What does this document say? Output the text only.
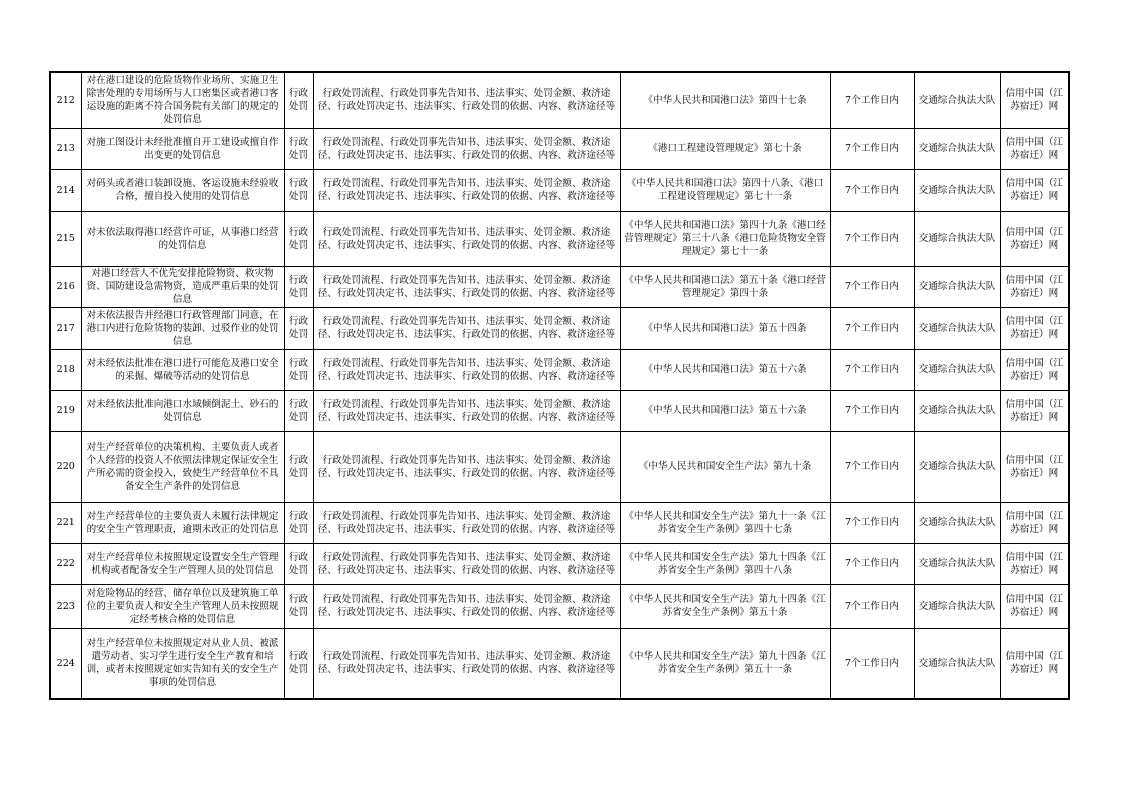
212	对在港口建设的危险货物作业场所、实施卫生除害处理的专用场所与人口密集区或者港口客运设施的距离不符合国务院有关部门的规定的处罚信息	行政处罚	行政处罚流程、行政处罚事先告知书、违法事实、处罚金额、救济途径、行政处罚决定书、违法事实、行政处罚的依据、内容、救济途径等	《中华人民共和国港口法》第四十七条	7个工作日内	交通综合执法大队	信用中国（江苏宿迁）网
213	对施工图设计未经批准擅自开工建设或擅自作出变更的处罚信息	行政处罚	行政处罚流程、行政处罚事先告知书、违法事实、处罚金额、救济途径、行政处罚决定书、违法事实、行政处罚的依据、内容、救济途径等	《港口工程建设管理规定》第七十条	7个工作日内	交通综合执法大队	信用中国（江苏宿迁）网
214	对码头或者港口装卸设施、客运设施未经验收合格，擅自投入使用的处罚信息	行政处罚	行政处罚流程、行政处罚事先告知书、违法事实、处罚金额、救济途径、行政处罚决定书、违法事实、行政处罚的依据、内容、救济途径等	《中华人民共和国港口法》第四十八条、《港口工程建设管理规定》第七十一条	7个工作日内	交通综合执法大队	信用中国（江苏宿迁）网
215	对未依法取得港口经营许可证，从事港口经营的处罚信息	行政处罚	行政处罚流程、行政处罚事先告知书、违法事实、处罚金额、救济途径、行政处罚决定书、违法事实、行政处罚的依据、内容、救济途径等	《中华人民共和国港口法》第四十九条《港口经营管理规定》第三十八条《港口危险货物安全管理规定》第七十一条	7个工作日内	交通综合执法大队	信用中国（江苏宿迁）网
216	对港口经营人不优先安排抢险物资、救灾物资、国防建设急需物资，造成严重后果的处罚信息	行政处罚	行政处罚流程、行政处罚事先告知书、违法事实、处罚金额、救济途径、行政处罚决定书、违法事实、行政处罚的依据、内容、救济途径等	《中华人民共和国港口法》第五十条《港口经营管理规定》第四十条	7个工作日内	交通综合执法大队	信用中国（江苏宿迁）网
217	对未依法报告并经港口行政管理部门同意，在港口内进行危险货物的装卸、过驳作业的处罚信息	行政处罚	行政处罚流程、行政处罚事先告知书、违法事实、处罚金额、救济途径、行政处罚决定书、违法事实、行政处罚的依据、内容、救济途径等	《中华人民共和国港口法》第五十四条	7个工作日内	交通综合执法大队	信用中国（江苏宿迁）网
218	对未经依法批准在港口进行可能危及港口安全的采掘、爆破等活动的处罚信息	行政处罚	行政处罚流程、行政处罚事先告知书、违法事实、处罚金额、救济途径、行政处罚决定书、违法事实、行政处罚的依据、内容、救济途径等	《中华人民共和国港口法》第五十六条	7个工作日内	交通综合执法大队	信用中国（江苏宿迁）网
219	对未经依法批准向港口水域倾倒泥土、砂石的处罚信息	行政处罚	行政处罚流程、行政处罚事先告知书、违法事实、处罚金额、救济途径、行政处罚决定书、违法事实、行政处罚的依据、内容、救济途径等	《中华人民共和国港口法》第五十六条	7个工作日内	交通综合执法大队	信用中国（江苏宿迁）网
220	对生产经营单位的决策机构、主要负责人或者个人经营的投资人不依照法律规定保证安全生产所必需的资金投入，致使生产经营单位不具备安全生产条件的处罚信息	行政处罚	行政处罚流程、行政处罚事先告知书、违法事实、处罚金额、救济途径、行政处罚决定书、违法事实、行政处罚的依据、内容、救济途径等	《中华人民共和国安全生产法》第九十条	7个工作日内	交通综合执法大队	信用中国（江苏宿迁）网
221	对生产经营单位的主要负责人未履行法律规定的安全生产管理职责，逾期未改正的处罚信息	行政处罚	行政处罚流程、行政处罚事先告知书、违法事实、处罚金额、救济途径、行政处罚决定书、违法事实、行政处罚的依据、内容、救济途径等	《中华人民共和国安全生产法》第九十一条《江苏省安全生产条例》第四十七条	7个工作日内	交通综合执法大队	信用中国（江苏宿迁）网
222	对生产经营单位未按照规定设置安全生产管理机构或者配备安全生产管理人员的处罚信息	行政处罚	行政处罚流程、行政处罚事先告知书、违法事实、处罚金额、救济途径、行政处罚决定书、违法事实、行政处罚的依据、内容、救济途径等	《中华人民共和国安全生产法》第九十四条《江苏省安全生产条例》第四十八条	7个工作日内	交通综合执法大队	信用中国（江苏宿迁）网
223	对危险物品的经营、储存单位以及建筑施工单位的主要负责人和安全生产管理人员未按照规定经考核合格的处罚信息	行政处罚	行政处罚流程、行政处罚事先告知书、违法事实、处罚金额、救济途径、行政处罚决定书、违法事实、行政处罚的依据、内容、救济途径等	《中华人民共和国安全生产法》第九十四条《江苏省安全生产条例》第五十条	7个工作日内	交通综合执法大队	信用中国（江苏宿迁）网
224	对生产经营单位未按照规定对从业人员、被派遣劳动者、实习学生进行安全生产教育和培训，或者未按照规定如实告知有关的安全生产事项的处罚信息	行政处罚	行政处罚流程、行政处罚事先告知书、违法事实、处罚金额、救济途径、行政处罚决定书、违法事实、行政处罚的依据、内容、救济途径等	《中华人民共和国安全生产法》第九十四条《江苏省安全生产条例》第五十一条	7个工作日内	交通综合执法大队	信用中国（江苏宿迁）网
